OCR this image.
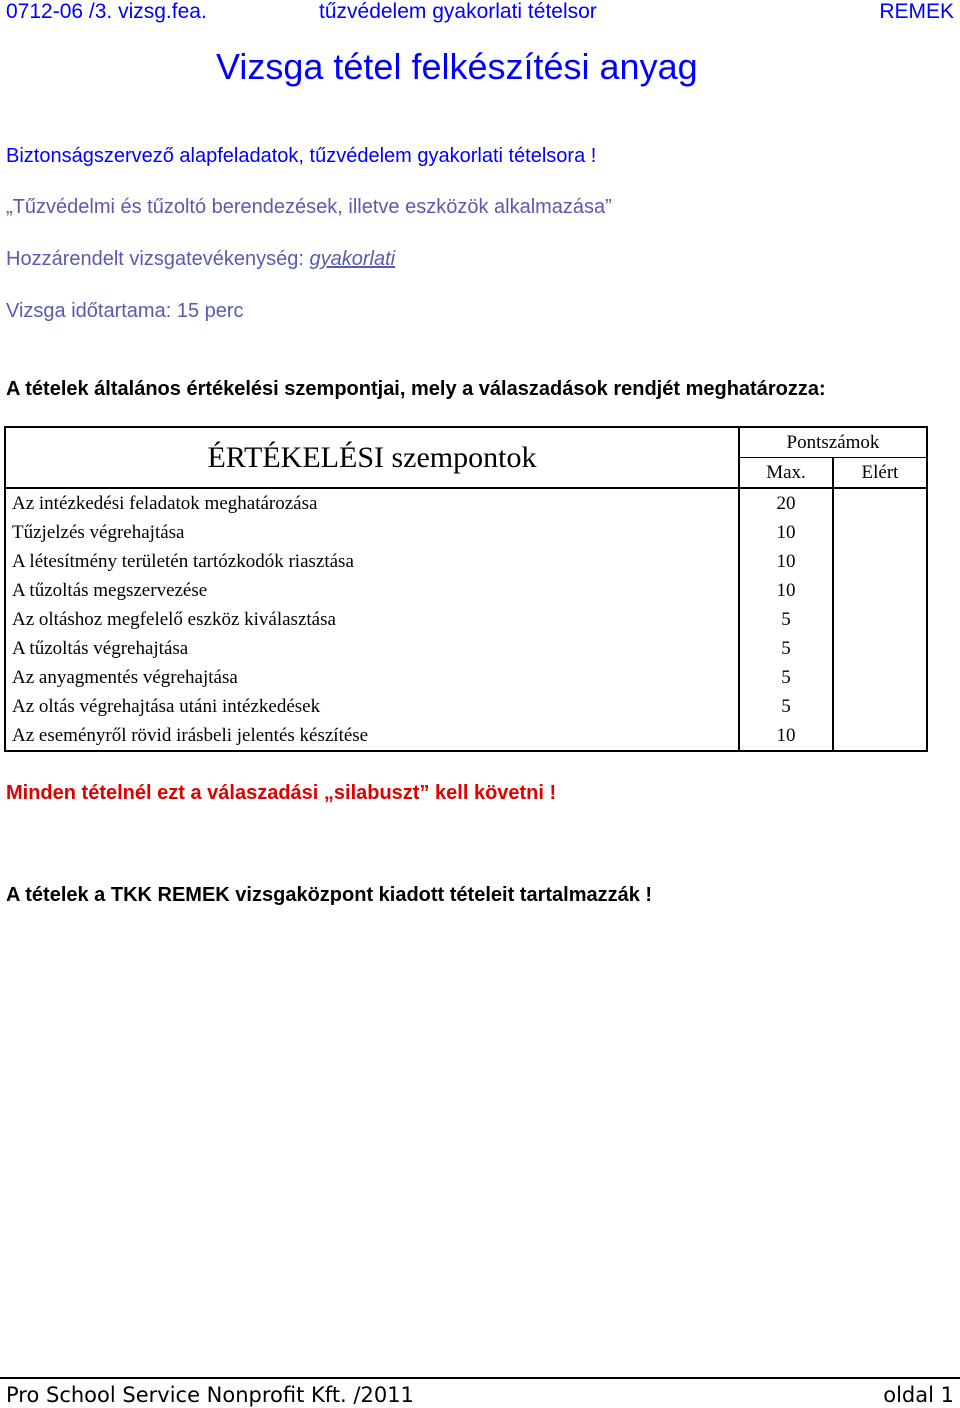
0712-06 /3. vizsg.fea.	tűzvédelem gyakorlati tételsor	REMEK
Vizsga tétel felkészítési anyag
Biztonságszervező alapfeladatok, tűzvédelem gyakorlati tételsora !
„Tűzvédelmi és tűzoltó berendezések, illetve eszközök alkalmazása”
Hozzárendelt vizsgatevékenység: gyakorlati
Vizsga időtartama: 15 perc
A tételek általános értékelési szempontjai, mely a válaszadások rendjét meghatározza:
ÉRTÉKELÉSI szempontok	Pontszámok	
	Max.	Elért
Az intézkedési feladatok meghatározása	20	
Tűzjelzés végrehajtása	10	
A létesítmény területén tartózkodók riasztása	10	
A tűzoltás megszervezése	10	
Az oltáshoz megfelelő eszköz kiválasztása	5	
A tűzoltás végrehajtása	5	
Az anyagmentés végrehajtása	5	
Az oltás végrehajtása utáni intézkedések	5	
Az eseményről rövid irásbeli jelentés készítése	10	
Minden tételnél ezt a válaszadási „silabuszt” kell követni !
A tételek a TKK REMEK vizsgaközpont kiadott tételeit tartalmazzák !
Pro School Service Nonprofit Kft. /2011	oldal 1
